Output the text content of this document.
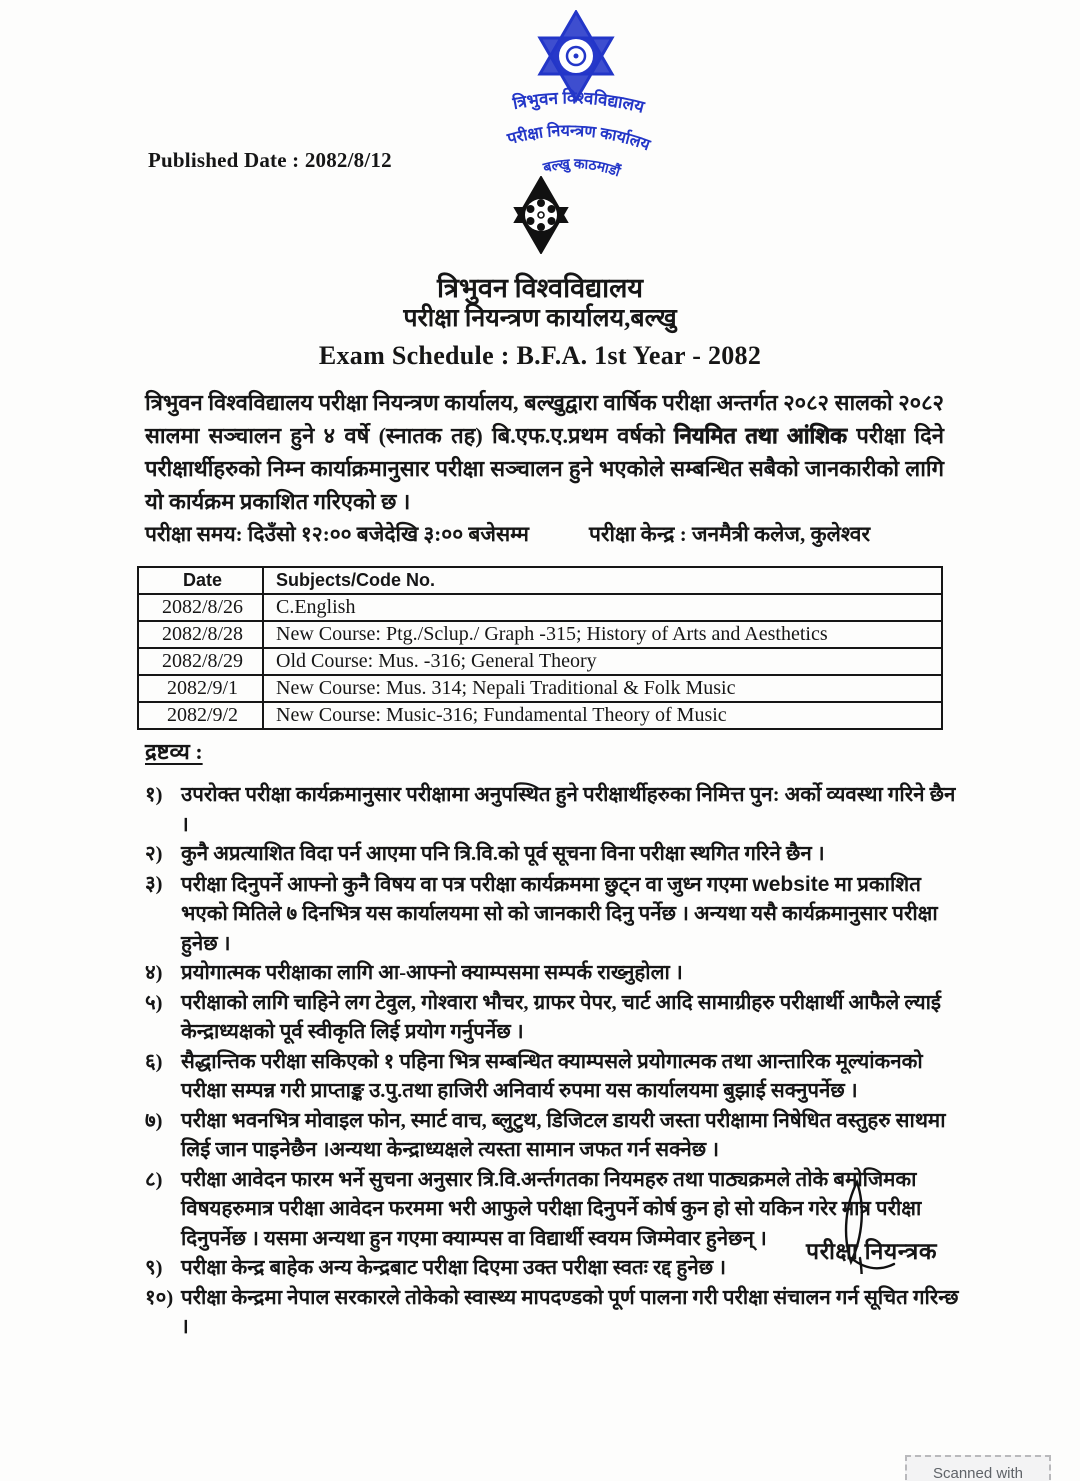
Published Date : 2082/8/12
त्रिभुवन विश्वविद्यालय
परीक्षा नियन्त्रण कार्यालय
बल्खु काठमाडौं
त्रिभुवन विश्वविद्यालय
परीक्षा नियन्त्रण कार्यालय,बल्खु
Exam Schedule : B.F.A. 1st Year - 2082

त्रिभुवन विश्वविद्यालय परीक्षा नियन्त्रण कार्यालय, बल्खुद्वारा वार्षिक परीक्षा अन्तर्गत २०८२ सालको २०८२ सालमा सञ्चालन हुने ४ वर्षे (स्नातक तह) बि.एफ.ए.प्रथम वर्षको नियमित तथा आंशिक परीक्षा दिने परीक्षार्थीहरुको निम्न कार्याक्रमानुसार परीक्षा सञ्चालन हुने भएकोले सम्बन्धित सबैको जानकारीको लागि यो कार्यक्रम प्रकाशित गरिएको छ ।

परीक्षा समय: दिउँसो १२:०० बजेदेखि ३:०० बजेसम्म	परीक्षा केन्द्र : जनमैत्री कलेज, कुलेश्वर
Date	Subjects/Code No.
2082/8/26	C.English
2082/8/28	New Course: Ptg./Sclup./ Graph -315; History of Arts and Aesthetics
2082/8/29	Old Course: Mus. -316; General Theory
2082/9/1	New Course: Mus. 314; Nepali Traditional & Folk Music
2082/9/2	New Course: Music-316; Fundamental Theory of Music
द्रष्टव्य :
१) उपरोक्त परीक्षा कार्यक्रमानुसार परीक्षामा अनुपस्थित हुने परीक्षार्थीहरुका निमित्त पुन: अर्को व्यवस्था गरिने छैन ।
२) कुनै अप्रत्याशित विदा पर्न आएमा पनि त्रि.वि.को पूर्व सूचना विना परीक्षा स्थगित गरिने छैन ।
३) परीक्षा दिनुपर्ने आफ्नो कुनै विषय वा पत्र परीक्षा कार्यक्रममा छुट्न वा जुध्न गएमा website मा प्रकाशित भएको मितिले ७ दिनभित्र यस कार्यालयमा सो को जानकारी दिनु पर्नेछ । अन्यथा यसै कार्यक्रमानुसार परीक्षा हुनेछ ।
४) प्रयोगात्मक परीक्षाका लागि आ-आफ्नो क्याम्पसमा सम्पर्क राख्नुहोला ।
५) परीक्षाको लागि चाहिने लग टेवुल, गोश्वारा भौचर, ग्राफर पेपर, चार्ट आदि सामाग्रीहरु परीक्षार्थी आफैले ल्याई केन्द्राध्यक्षको पूर्व स्वीकृति लिई प्रयोग गर्नुपर्नेछ ।
६) सैद्धान्तिक परीक्षा सकिएको १ पहिना भित्र सम्बन्धित क्याम्पसले प्रयोगात्मक तथा आन्तारिक मूल्यांकनको परीक्षा सम्पन्न गरी प्राप्ताङ्क उ.पु.तथा हाजिरी अनिवार्य रुपमा यस कार्यालयमा बुझाई सक्नुपर्नेछ ।
७) परीक्षा भवनभित्र मोवाइल फोन, स्मार्ट वाच, ब्लुटुथ, डिजिटल डायरी जस्ता परीक्षामा निषेधित वस्तुहरु साथमा लिई जान पाइनेछैन ।अन्यथा केन्द्राध्यक्षले त्यस्ता सामान जफत गर्न सक्नेछ ।
८) परीक्षा आवेदन फारम भर्ने सुचना अनुसार त्रि.वि.अर्न्तगतका नियमहरु तथा पाठ्यक्रमले तोके बमोजिमका विषयहरुमात्र परीक्षा आवेदन फरममा भरी आफुले परीक्षा दिनुपर्ने कोर्ष कुन हो सो यकिन गरेर मात्र परीक्षा दिनुपर्नेछ । यसमा अन्यथा हुन गएमा क्याम्पस वा विद्यार्थी स्वयम जिम्मेवार हुनेछन् ।
९) परीक्षा केन्द्र बाहेक अन्य केन्द्रबाट परीक्षा दिएमा उक्त परीक्षा स्वतः रद्द हुनेछ ।
१०) परीक्षा केन्द्रमा नेपाल सरकारले तोकेको स्वास्थ्य मापदण्डको पूर्ण पालना गरी परीक्षा संचालन गर्न सूचित गरिन्छ ।
परीक्षा नियन्त्रक
Scanned with
